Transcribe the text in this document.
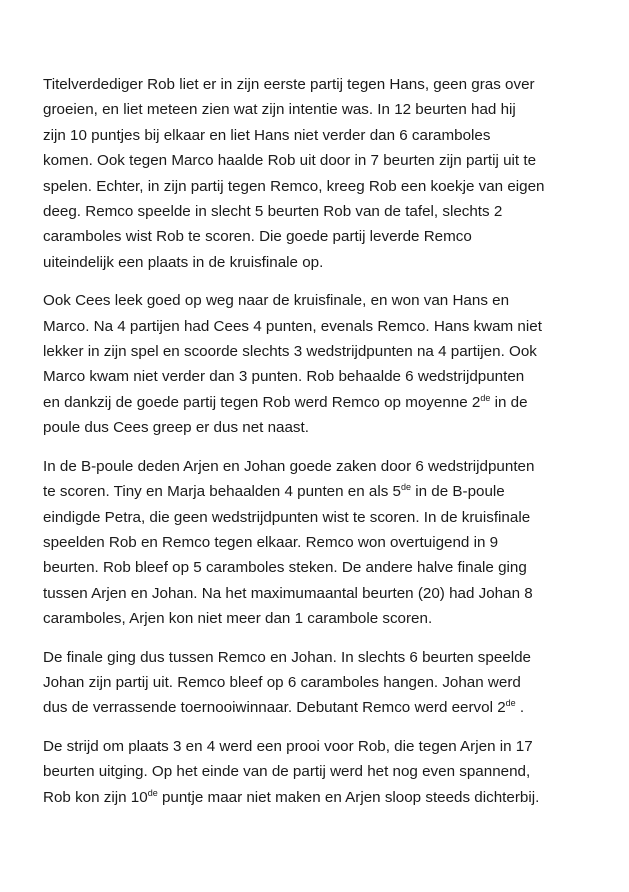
Titelverdediger Rob liet er in zijn eerste partij tegen Hans, geen gras over
groeien, en liet meteen zien wat zijn intentie was. In 12 beurten had hij
zijn 10 puntjes bij elkaar en liet Hans niet verder dan 6 caramboles
komen. Ook tegen Marco haalde Rob uit door in 7 beurten zijn partij uit te
spelen. Echter, in zijn partij tegen Remco, kreeg Rob een koekje van eigen
deeg. Remco speelde in slecht 5 beurten Rob van de tafel, slechts 2
caramboles wist Rob te scoren. Die goede partij leverde Remco
uiteindelijk een plaats in de kruisfinale op.

Ook Cees leek goed op weg naar de kruisfinale, en won van Hans en
Marco. Na 4 partijen had Cees 4 punten, evenals Remco. Hans kwam niet
lekker in zijn spel en scoorde slechts 3 wedstrijdpunten na 4 partijen. Ook
Marco kwam niet verder dan 3 punten. Rob behaalde 6 wedstrijdpunten
en dankzij de goede partij tegen Rob werd Remco op moyenne 2de in de
poule dus Cees greep er dus net naast.

In de B-poule deden Arjen en Johan goede zaken door 6 wedstrijdpunten
te scoren. Tiny en Marja behaalden 4 punten en als 5de in de B-poule
eindigde Petra, die geen wedstrijdpunten wist te scoren. In de kruisfinale
speelden Rob en Remco tegen elkaar. Remco won overtuigend in 9
beurten. Rob bleef op 5 caramboles steken. De andere halve finale ging
tussen Arjen en Johan. Na het maximumaantal beurten (20) had Johan 8
caramboles, Arjen kon niet meer dan 1 carambole scoren.

De finale ging dus tussen Remco en Johan. In slechts 6 beurten speelde
Johan zijn partij uit. Remco bleef op 6 caramboles hangen. Johan werd
dus de verrassende toernooiwinnaar. Debutant Remco werd eervol 2de .

De strijd om plaats 3 en 4 werd een prooi voor Rob, die tegen Arjen in 17
beurten uitging. Op het einde van de partij werd het nog even spannend,
Rob kon zijn 10de puntje maar niet maken en Arjen sloop steeds dichterbij.
